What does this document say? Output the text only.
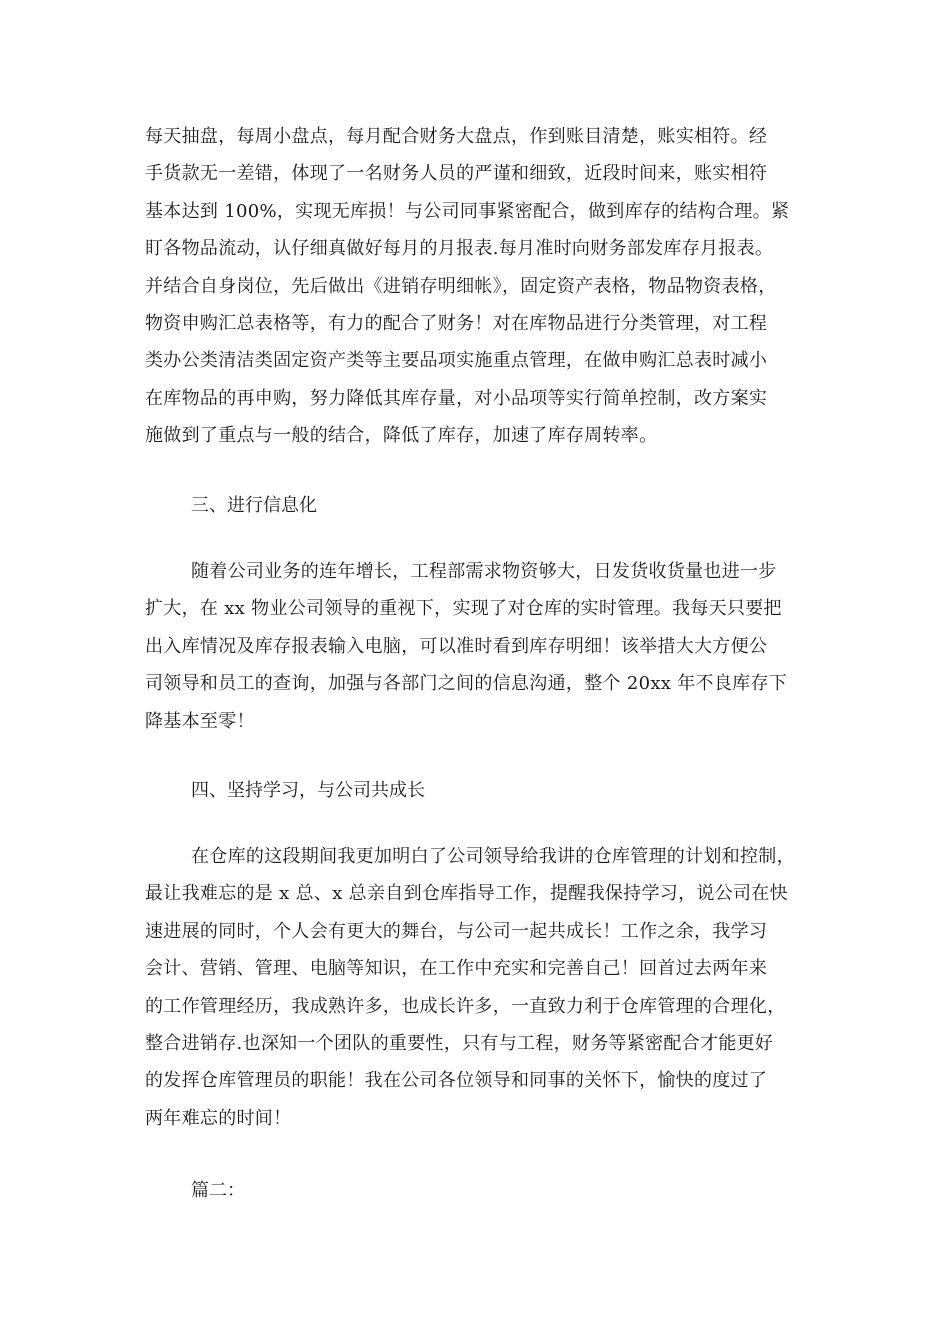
每天抽盘，每周小盘点，每月配合财务大盘点，作到账目清楚，账实相符。经
手货款无一差错，体现了一名财务人员的严谨和细致，近段时间来，账实相符
基本达到 100%，实现无库损！与公司同事紧密配合，做到库存的结构合理。紧
盯各物品流动，认仔细真做好每月的月报表.每月准时向财务部发库存月报表。
并结合自身岗位，先后做出《进销存明细帐》，固定资产表格，物品物资表格，
物资申购汇总表格等，有力的配合了财务！对在库物品进行分类管理，对工程
类办公类清洁类固定资产类等主要品项实施重点管理，在做申购汇总表时减小
在库物品的再申购，努力降低其库存量，对小品项等实行简单控制，改方案实
施做到了重点与一般的结合，降低了库存，加速了库存周转率。
三、进行信息化
随着公司业务的连年增长，工程部需求物资够大，日发货收货量也进一步
扩大，在 xx 物业公司领导的重视下，实现了对仓库的实时管理。我每天只要把
出入库情况及库存报表输入电脑，可以准时看到库存明细！该举措大大方便公
司领导和员工的查询，加强与各部门之间的信息沟通，整个 20xx 年不良库存下
降基本至零！
四、坚持学习，与公司共成长
在仓库的这段期间我更加明白了公司领导给我讲的仓库管理的计划和控制，
最让我难忘的是 x 总、x 总亲自到仓库指导工作，提醒我保持学习，说公司在快
速进展的同时，个人会有更大的舞台，与公司一起共成长！工作之余，我学习
会计、营销、管理、电脑等知识，在工作中充实和完善自己！回首过去两年来
的工作管理经历，我成熟许多，也成长许多，一直致力利于仓库管理的合理化，
整合进销存.也深知一个团队的重要性，只有与工程，财务等紧密配合才能更好
的发挥仓库管理员的职能！我在公司各位领导和同事的关怀下，愉快的度过了
两年难忘的时间！
篇二：
